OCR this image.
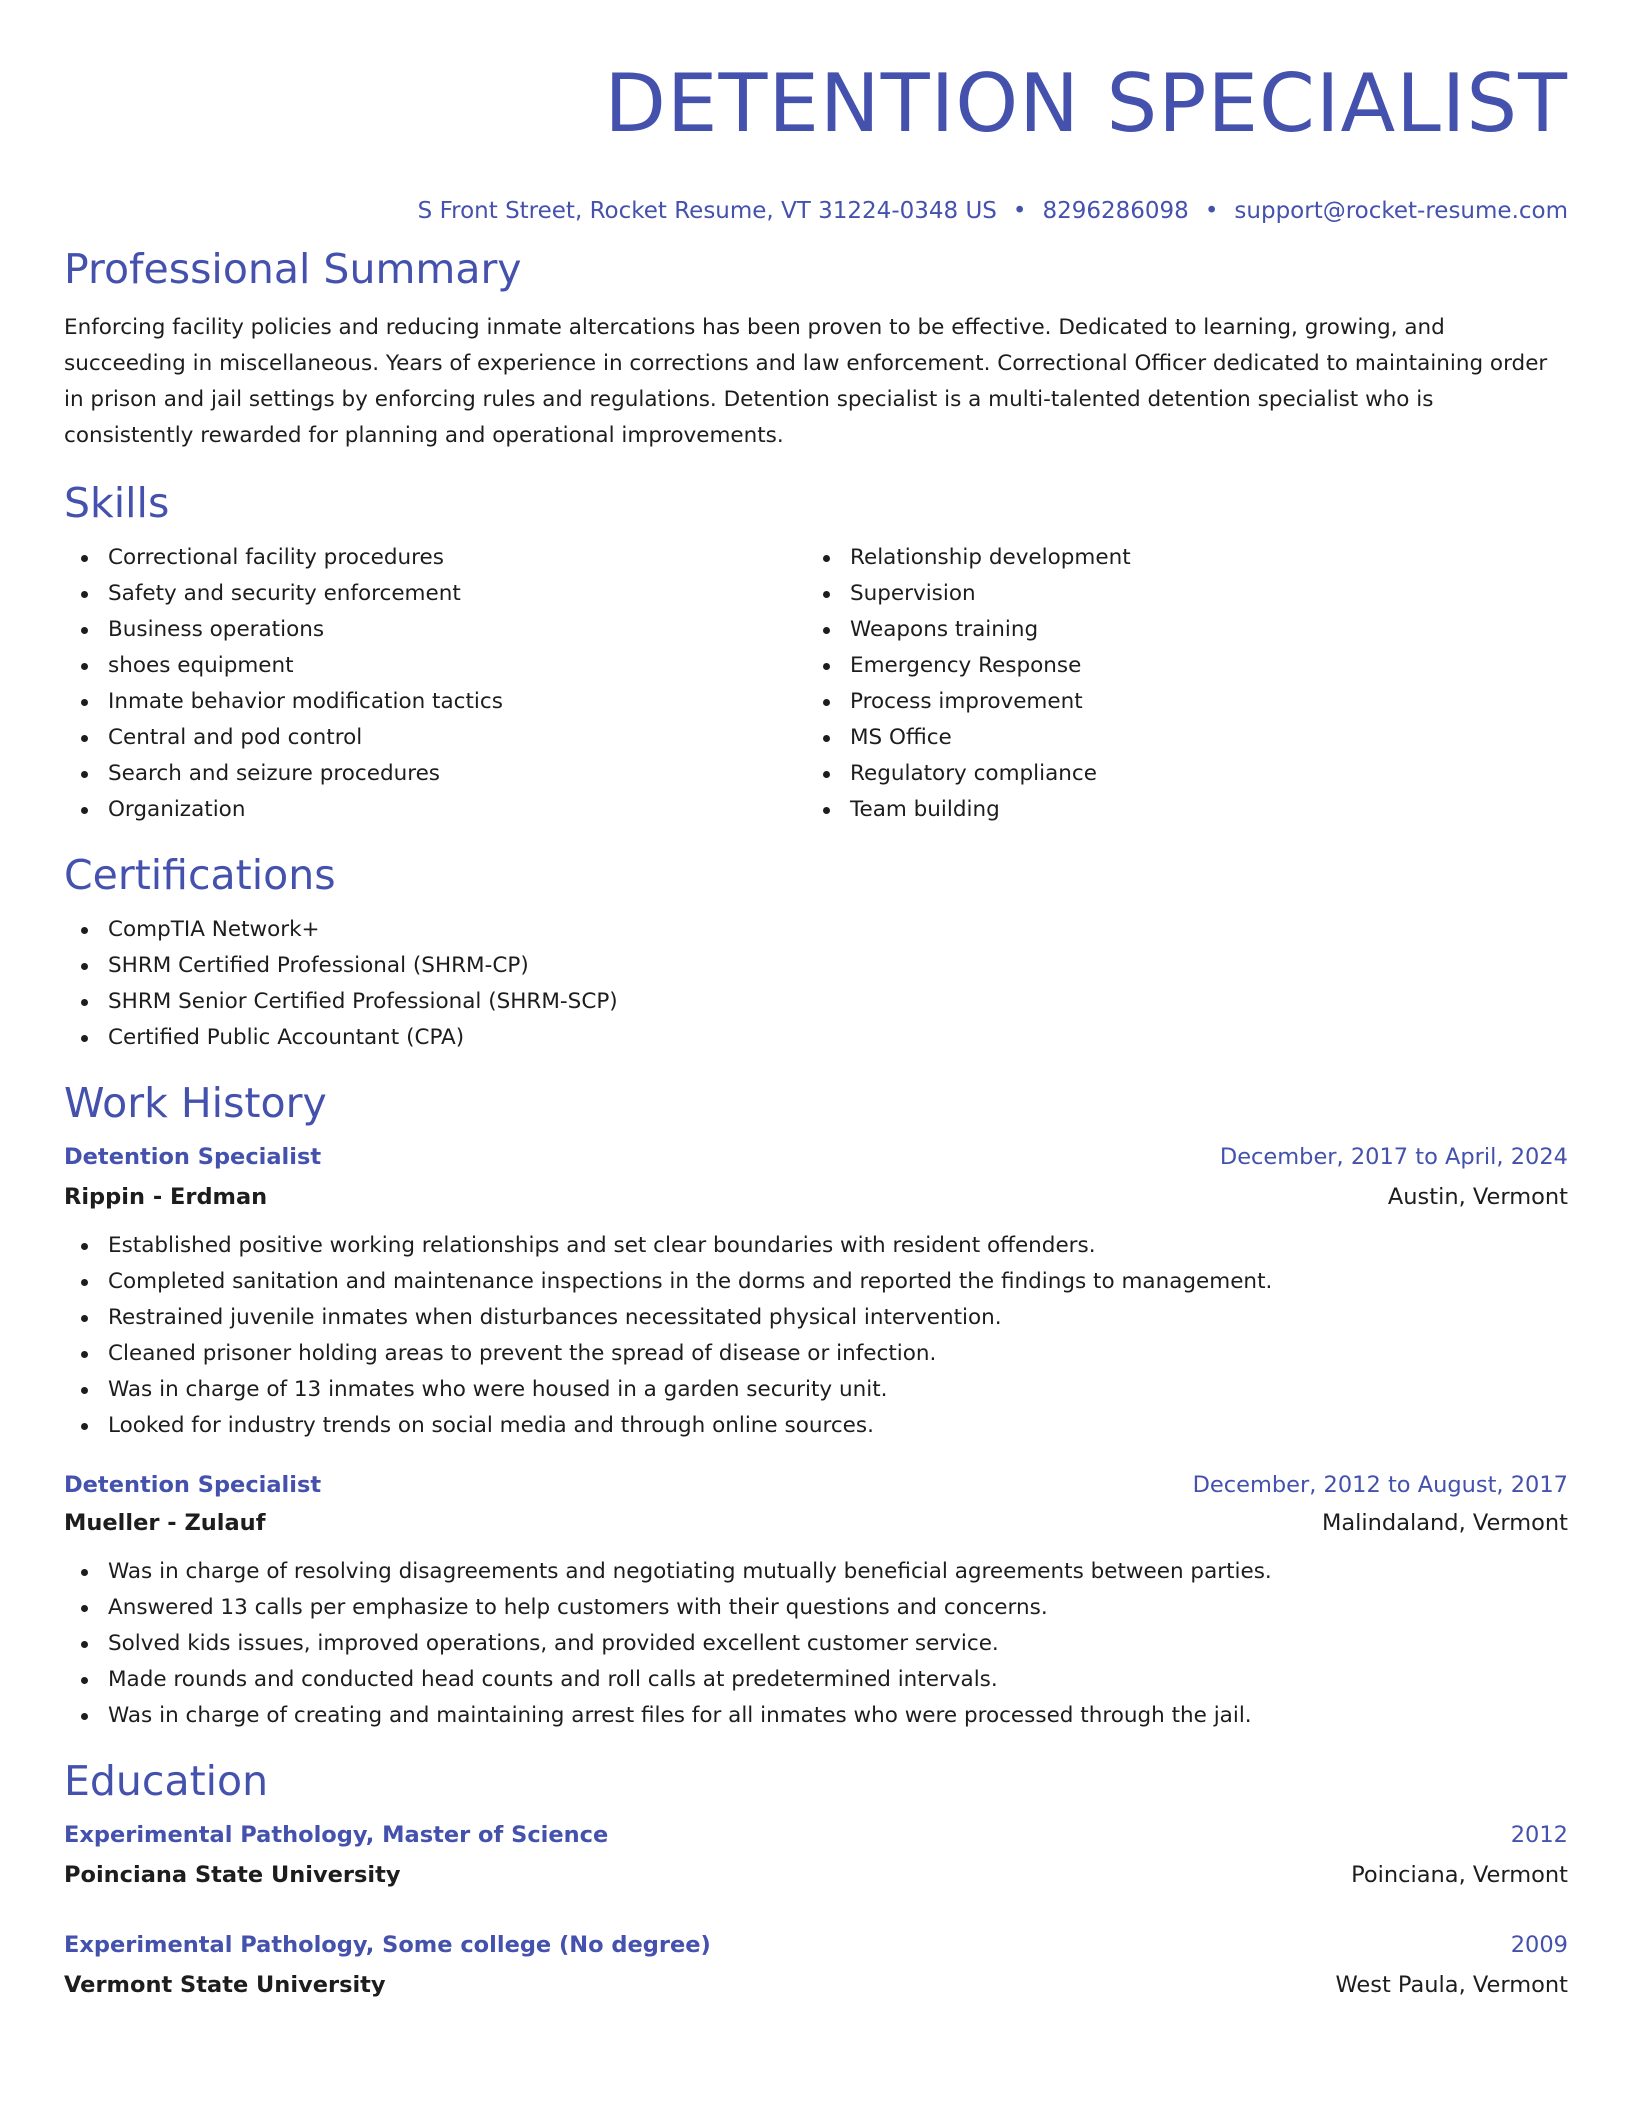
DETENTION SPECIALIST
S Front Street, Rocket Resume, VT 31224-0348 US • 8296286098 • support@rocket-resume.com
Professional Summary

Enforcing facility policies and reducing inmate altercations has been proven to be effective. Dedicated to learning, growing, and succeeding in miscellaneous. Years of experience in corrections and law enforcement. Correctional Officer dedicated to maintaining order in prison and jail settings by enforcing rules and regulations. Detention specialist is a multi-talented detention specialist who is consistently rewarded for planning and operational improvements.

Skills
Correctional facility procedures
Safety and security enforcement
Business operations
shoes equipment
Inmate behavior modification tactics
Central and pod control
Search and seizure procedures
Organization
Relationship development
Supervision
Weapons training
Emergency Response
Process improvement
MS Office
Regulatory compliance
Team building
Certifications
CompTIA Network+
SHRM Certified Professional (SHRM-CP)
SHRM Senior Certified Professional (SHRM-SCP)
Certified Public Accountant (CPA)
Work History
Detention Specialist	December, 2017 to April, 2024
Rippin - Erdman	Austin, Vermont
Established positive working relationships and set clear boundaries with resident offenders.
Completed sanitation and maintenance inspections in the dorms and reported the findings to management.
Restrained juvenile inmates when disturbances necessitated physical intervention.
Cleaned prisoner holding areas to prevent the spread of disease or infection.
Was in charge of 13 inmates who were housed in a garden security unit.
Looked for industry trends on social media and through online sources.
Detention Specialist	December, 2012 to August, 2017
Mueller - Zulauf	Malindaland, Vermont
Was in charge of resolving disagreements and negotiating mutually beneficial agreements between parties.
Answered 13 calls per emphasize to help customers with their questions and concerns.
Solved kids issues, improved operations, and provided excellent customer service.
Made rounds and conducted head counts and roll calls at predetermined intervals.
Was in charge of creating and maintaining arrest files for all inmates who were processed through the jail.
Education
Experimental Pathology, Master of Science	2012
Poinciana State University	Poinciana, Vermont
Experimental Pathology, Some college (No degree)	2009
Vermont State University	West Paula, Vermont
